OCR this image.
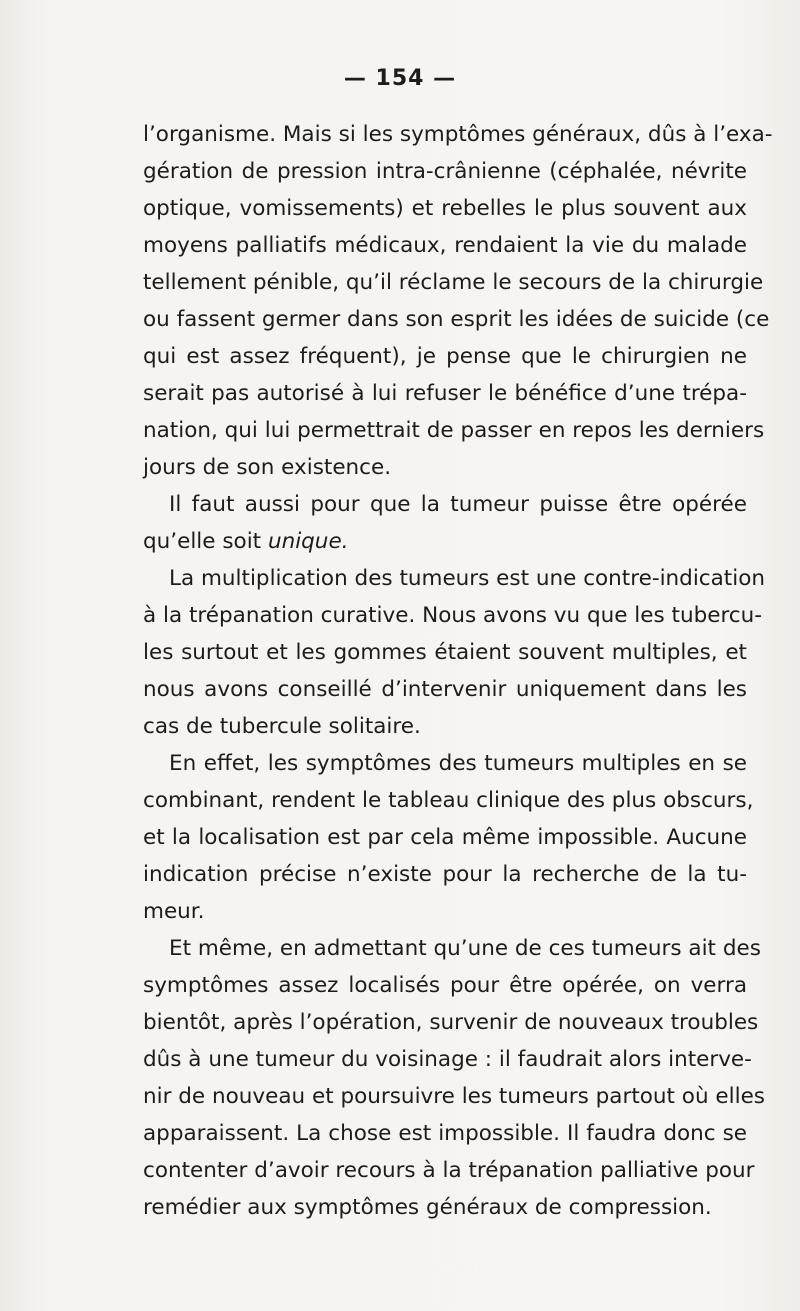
— 154 —
l’organisme. Mais si les symptômes généraux, dûs à l’exa-
gération de pression intra-crânienne (céphalée, névrite
optique, vomissements) et rebelles le plus souvent aux
moyens palliatifs médicaux, rendaient la vie du malade
tellement pénible, qu’il réclame le secours de la chirurgie
ou fassent germer dans son esprit les idées de suicide (ce
qui est assez fréquent), je pense que le chirurgien ne
serait pas autorisé à lui refuser le bénéfice d’une trépa-
nation, qui lui permettrait de passer en repos les derniers
jours de son existence.
Il faut aussi pour que la tumeur puisse être opérée
qu’elle soit unique.
La multiplication des tumeurs est une contre-indication
à la trépanation curative. Nous avons vu que les tubercu-
les surtout et les gommes étaient souvent multiples, et
nous avons conseillé d’intervenir uniquement dans les
cas de tubercule solitaire.
En effet, les symptômes des tumeurs multiples en se
combinant, rendent le tableau clinique des plus obscurs,
et la localisation est par cela même impossible. Aucune
indication précise n’existe pour la recherche de la tu-
meur.
Et même, en admettant qu’une de ces tumeurs ait des
symptômes assez localisés pour être opérée, on verra
bientôt, après l’opération, survenir de nouveaux troubles
dûs à une tumeur du voisinage : il faudrait alors interve-
nir de nouveau et poursuivre les tumeurs partout où elles
apparaissent. La chose est impossible. Il faudra donc se
contenter d’avoir recours à la trépanation palliative pour
remédier aux symptômes généraux de compression.
